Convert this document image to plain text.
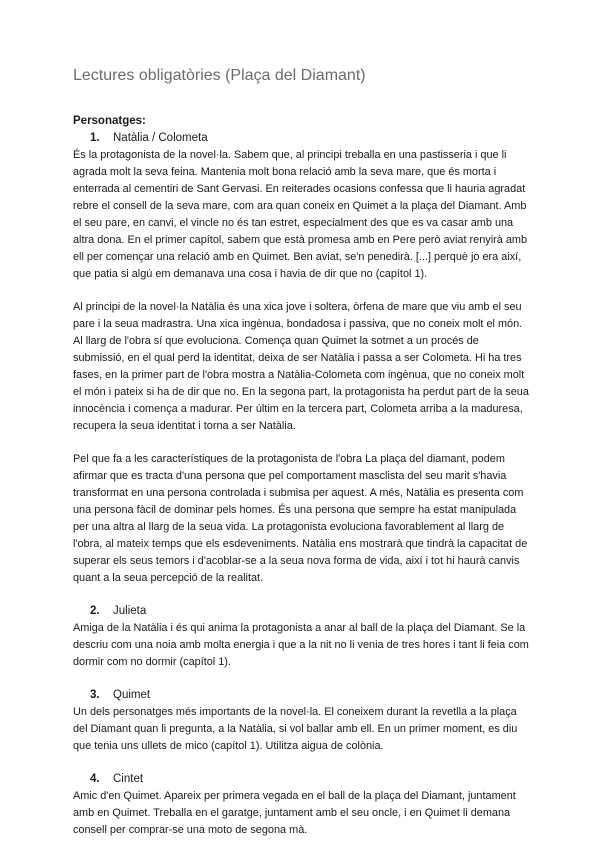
Lectures obligatòries (Plaça del Diamant)

Personatges:

1.	Natàlia / Colometa

És la protagonista de la novel·la. Sabem que, al principi treballa en una pastisseria i que li agrada molt la seva feina. Mantenia molt bona relació amb la seva mare, que és morta i enterrada al cementiri de Sant Gervasi. En reiterades ocasions confessa que li hauria agradat rebre el consell de la seva mare, com ara quan coneix en Quimet a la plaça del Diamant. Amb el seu pare, en canvi, el vincle no és tan estret, especialment des que es va casar amb una altra dona. En el primer capítol, sabem que està promesa amb en Pere però aviat renyirà amb ell per començar una relació amb en Quimet. Ben aviat, se'n penedirà. [...] perquè jo era així, que patia si algú em demanava una cosa i havia de dir que no (capítol 1).

Al principi de la novel·la Natàlia és una xica jove i soltera, òrfena de mare que viu amb el seu pare i la seua madrastra. Una xica ingènua, bondadosa i passiva, que no coneix molt el món. Al llarg de l'obra sí que evoluciona. Comença quan Quimet la sotmet a un procés de submissió, en el qual perd la identitat, deixa de ser Natàlia i passa a ser Colometa. Hi ha tres fases, en la primer part de l'obra mostra a Natàlia-Colometa com ingènua, que no coneix molt el món i pateix si ha de dir que no. En la segona part, la protagonista ha perdut part de la seua innocència i comença a madurar. Per últim en la tercera part, Colometa arriba a la maduresa, recupera la seua identitat i torna a ser Natàlia.

Pel que fa a les característiques de la protagonista de l'obra La plaça del diamant, podem afirmar que es tracta d'una persona que pel comportament masclista del seu marit s'havia transformat en una persona controlada i submisa per aquest. A més, Natàlia es presenta com una persona fàcil de dominar pels homes. És una persona que sempre ha estat manipulada per una altra al llarg de la seua vida. La protagonista evoluciona favorablement al llarg de l'obra, al mateix temps que els esdeveniments. Natàlia ens mostrarà que tindrà la capacitat de superar els seus temors i d'acoblar-se a la seua nova forma de vida, així i tot hi haurà canvis quant a la seua percepció de la realitat.

2.	Julieta

Amiga de la Natàlia i és qui anima la protagonista a anar al ball de la plaça del Diamant. Se la descriu com una noia amb molta energia i que a la nit no li venia de tres hores i tant li feia com dormir com no dormir (capítol 1).

3.	Quimet

Un dels personatges més importants de la novel·la. El coneixem durant la revetlla a la plaça del Diamant quan li pregunta, a la Natàlia, si vol ballar amb ell. En un primer moment, es diu que tenia uns ullets de mico (capítol 1). Utilitza aigua de colònia.

4.	Cintet

Amic d'en Quimet. Apareix per primera vegada en el ball de la plaça del Diamant, juntament amb en Quimet. Treballa en el garatge, juntament amb el seu oncle, i en Quimet li demana consell per comprar-se una moto de segona mà.
